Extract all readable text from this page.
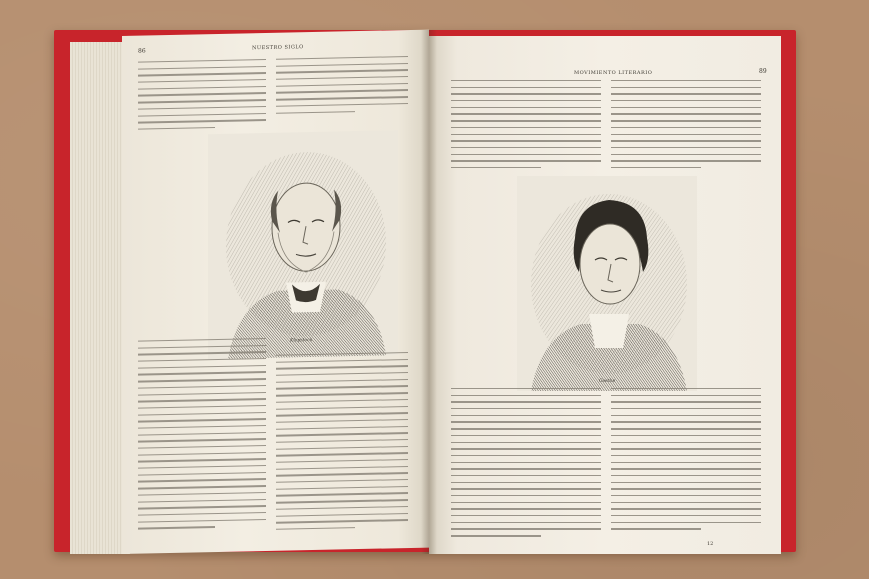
86	NUESTRO SIGLO
Klopstock
MOVIMIENTO LITERARIO	89
Goethe
12
